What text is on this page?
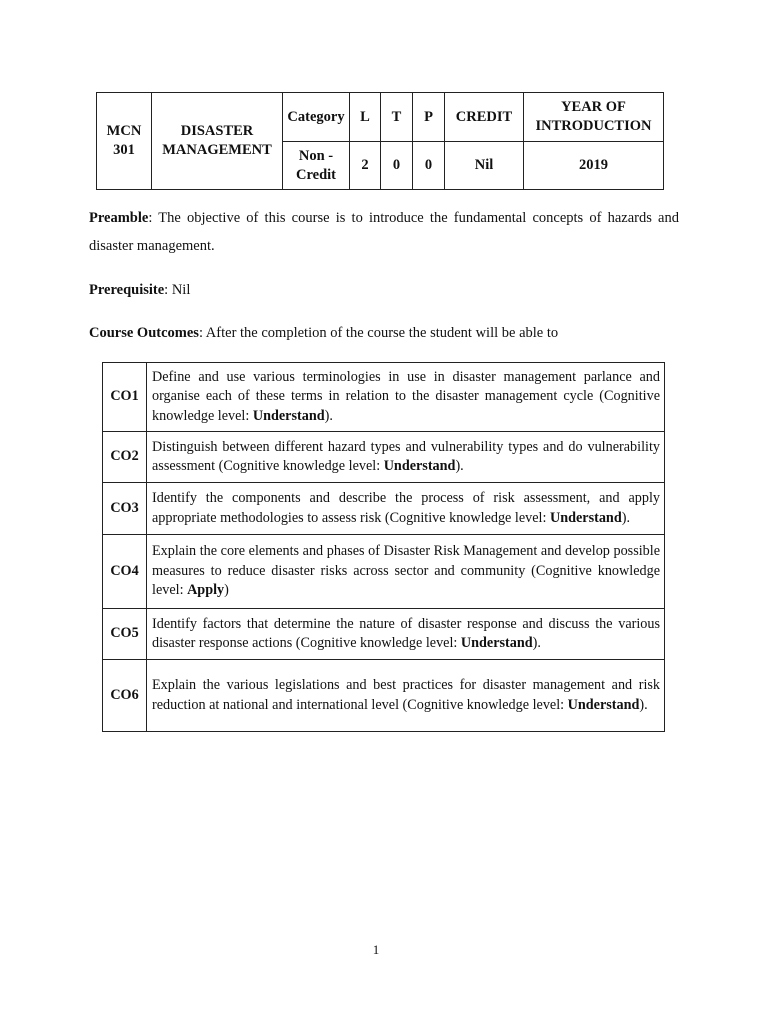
MCN 301	DISASTER MANAGEMENT	Category	L	T	P	CREDIT	YEAR OF INTRODUCTION
		Non - Credit	2	0	0	Nil	2019

Preamble: The objective of this course is to introduce the fundamental concepts of hazards and disaster management.

Prerequisite: Nil

Course Outcomes: After the completion of the course the student will be able to

CO1	Define and use various terminologies in use in disaster management parlance and organise each of these terms in relation to the disaster management cycle (Cognitive knowledge level: Understand).
CO2	Distinguish between different hazard types and vulnerability types and do vulnerability assessment (Cognitive knowledge level: Understand).
CO3	Identify the components and describe the process of risk assessment, and apply appropriate methodologies to assess risk (Cognitive knowledge level: Understand).
CO4	Explain the core elements and phases of Disaster Risk Management and develop possible measures to reduce disaster risks across sector and community (Cognitive knowledge level: Apply)
CO5	Identify factors that determine the nature of disaster response and discuss the various disaster response actions (Cognitive knowledge level: Understand).
CO6	Explain the various legislations and best practices for disaster management and risk reduction at national and international level (Cognitive knowledge level: Understand).
1
